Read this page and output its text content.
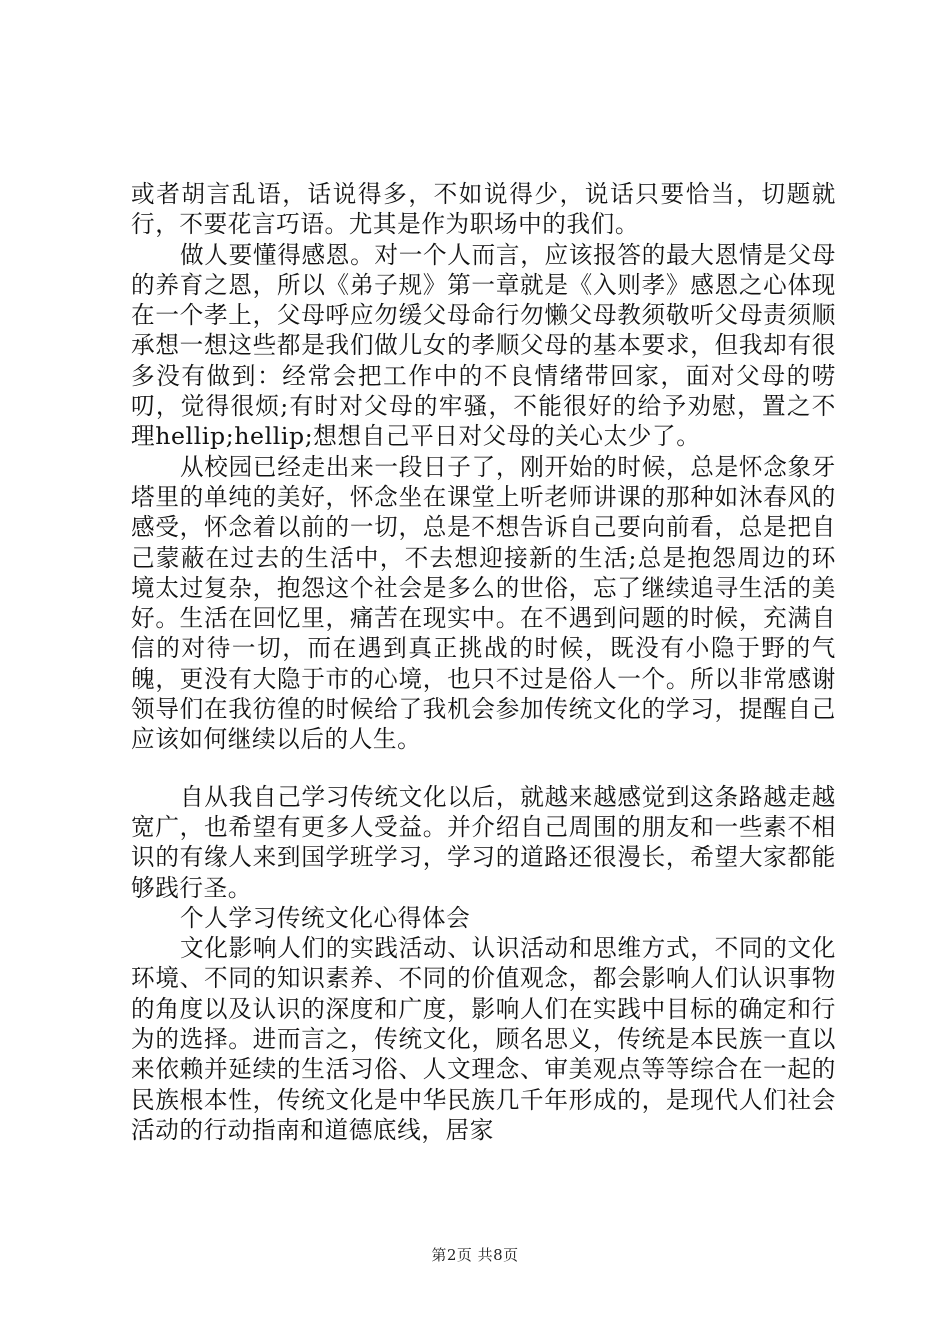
或者胡言乱语，话说得多，不如说得少，说话只要恰当，切题就行，不要花言巧语。尤其是作为职场中的我们。

做人要懂得感恩。对一个人而言，应该报答的最大恩情是父母的养育之恩，所以《弟子规》第一章就是《入则孝》感恩之心体现在一个孝上，父母呼应勿缓父母命行勿懒父母教须敬听父母责须顺承想一想这些都是我们做儿女的孝顺父母的基本要求，但我却有很多没有做到：经常会把工作中的不良情绪带回家，面对父母的唠叨，觉得很烦;有时对父母的牢骚，不能很好的给予劝慰，置之不理hellip;hellip;想想自己平日对父母的关心太少了。

从校园已经走出来一段日子了，刚开始的时候，总是怀念象牙塔里的单纯的美好，怀念坐在课堂上听老师讲课的那种如沐春风的感受，怀念着以前的一切，总是不想告诉自己要向前看，总是把自己蒙蔽在过去的生活中，不去想迎接新的生活;总是抱怨周边的环境太过复杂，抱怨这个社会是多么的世俗，忘了继续追寻生活的美好。生活在回忆里，痛苦在现实中。在不遇到问题的时候，充满自信的对待一切，而在遇到真正挑战的时候，既没有小隐于野的气魄，更没有大隐于市的心境，也只不过是俗人一个。所以非常感谢领导们在我彷徨的时候给了我机会参加传统文化的学习，提醒自己应该如何继续以后的人生。

自从我自己学习传统文化以后，就越来越感觉到这条路越走越宽广，也希望有更多人受益。并介绍自己周围的朋友和一些素不相识的有缘人来到国学班学习，学习的道路还很漫长，希望大家都能够践行圣。

个人学习传统文化心得体会

文化影响人们的实践活动、认识活动和思维方式，不同的文化环境、不同的知识素养、不同的价值观念，都会影响人们认识事物的角度以及认识的深度和广度，影响人们在实践中目标的确定和行为的选择。进而言之，传统文化，顾名思义，传统是本民族一直以来依赖并延续的生活习俗、人文理念、审美观点等等综合在一起的民族根本性，传统文化是中华民族几千年形成的，是现代人们社会活动的行动指南和道德底线，居家

第2页 共8页
